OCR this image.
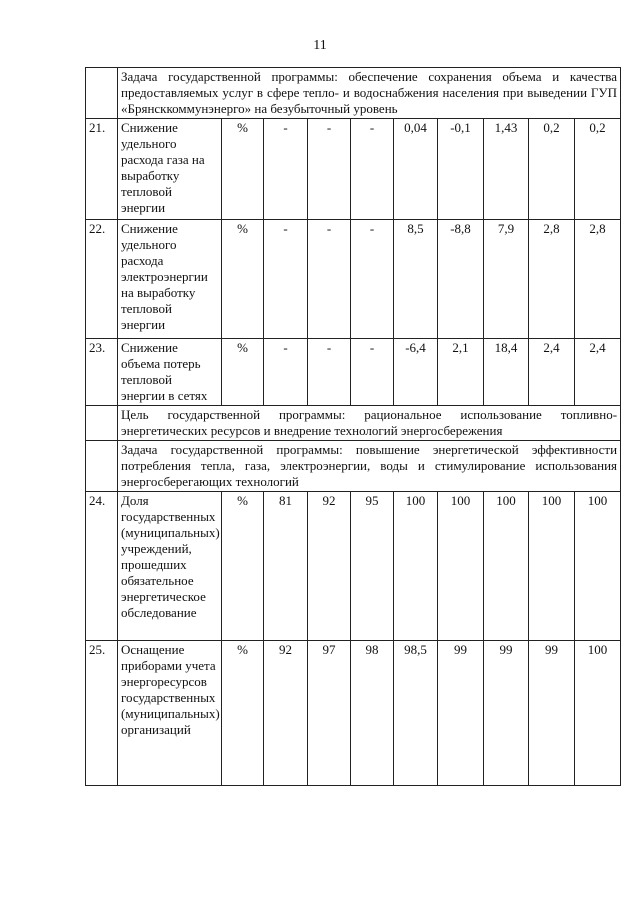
11
	Задача государственной программы: обеспечение сохранения объема и качества предоставляемых услуг в сфере тепло- и водоснабжения населения при выведении ГУП «Брянсккоммунэнерго» на безубыточный уровень									
21.	Снижение удельного расхода газа на выработку тепловой энергии	%	-	-	-	0,04	-0,1	1,43	0,2	0,2
22.	Снижение удельного расхода электроэнергии на выработку тепловой энергии	%	-	-	-	8,5	-8,8	7,9	2,8	2,8
23.	Снижение объема потерь тепловой энергии в сетях	%	-	-	-	-6,4	2,1	18,4	2,4	2,4
	Цель государственной программы: рациональное использование топливно-энергетических ресурсов и внедрение технологий энергосбережения									
	Задача государственной программы: повышение энергетической эффективности потребления тепла, газа, электроэнергии, воды и стимулирование использования энергосберегающих технологий									
24.	Доля государственных (муниципальных) учреждений, прошедших обязательное энергетическое обследование	%	81	92	95	100	100	100	100	100
25.	Оснащение приборами учета энергоресурсов государственных (муниципальных) организаций	%	92	97	98	98,5	99	99	99	100
